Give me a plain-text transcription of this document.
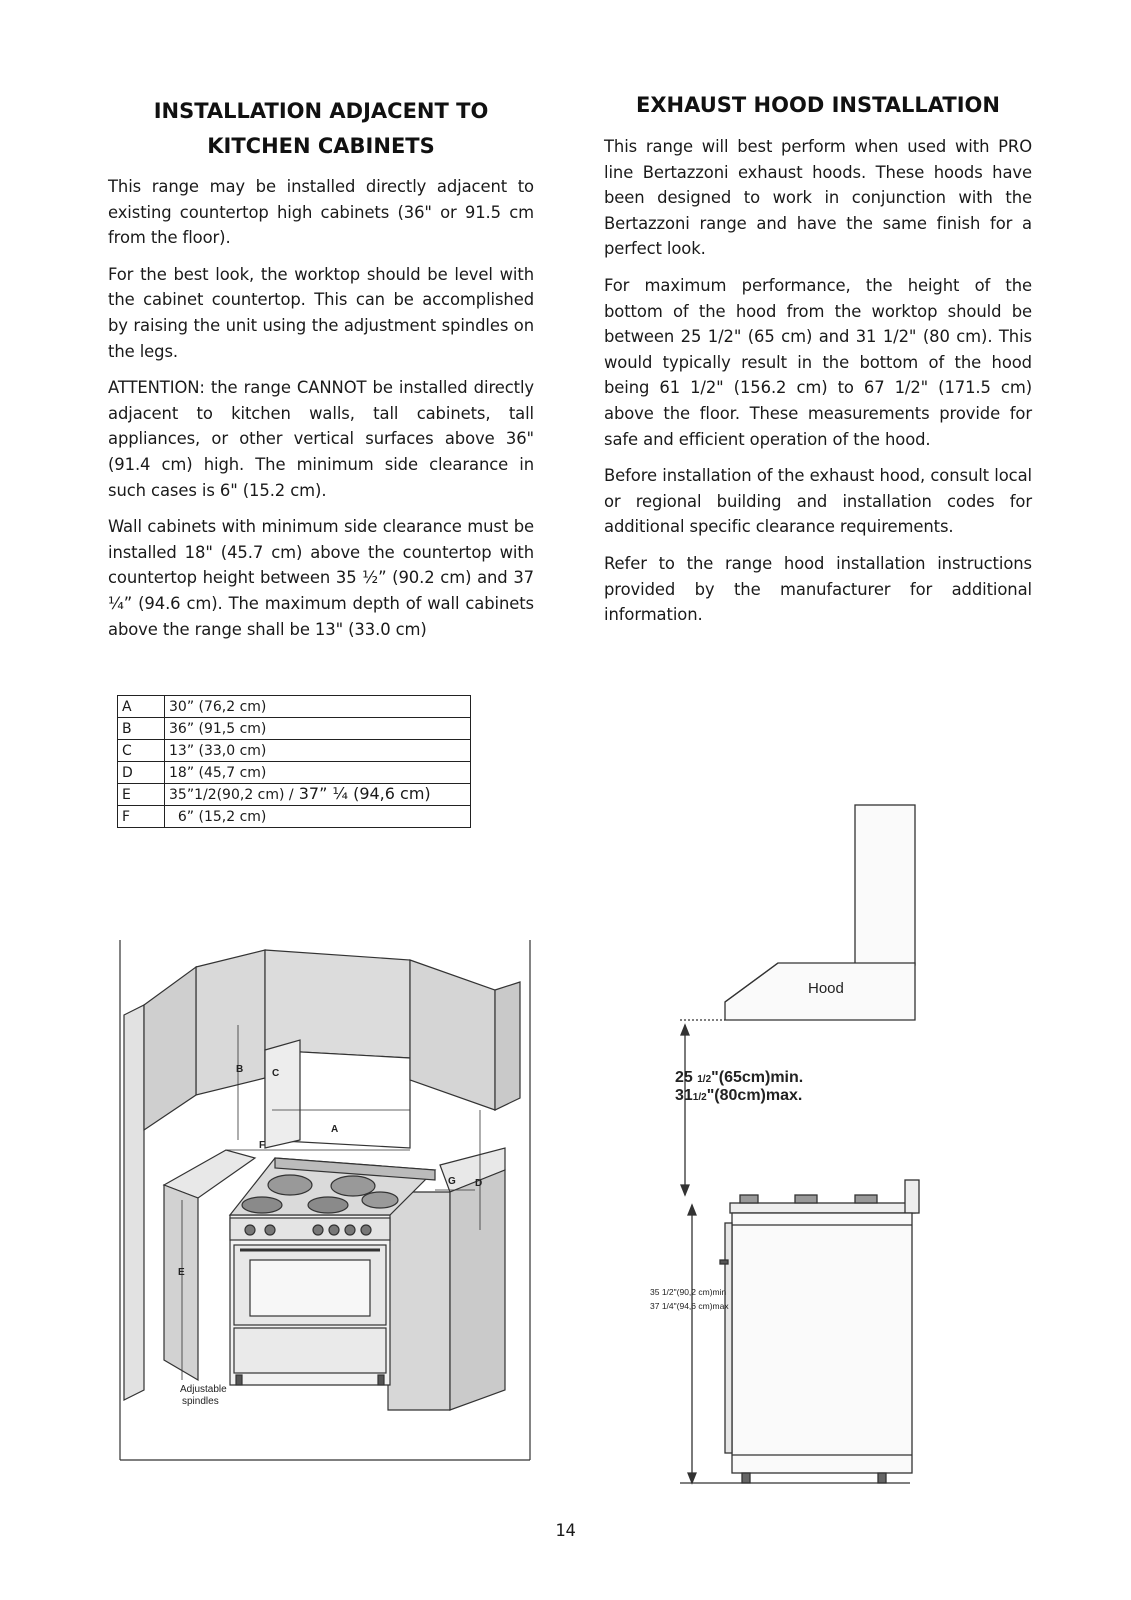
INSTALLATION ADJACENT TO KITCHEN CABINETS

This range may be installed directly adjacent to existing countertop high cabinets (36" or 91.5 cm from the floor).

For the best look, the worktop should be level with the cabinet countertop. This can be accomplished by raising the unit using the adjustment spindles on the legs.

ATTENTION: the range CANNOT be installed directly adjacent to kitchen walls, tall cabinets, tall appliances, or other vertical surfaces above 36" (91.4 cm) high. The minimum side clearance in such cases is 6" (15.2 cm).

Wall cabinets with minimum side clearance must be installed 18" (45.7 cm) above the countertop with countertop height between 35 ½” (90.2 cm) and 37 ¼” (94.6 cm). The maximum depth of wall cabinets above the range shall be 13" (33.0 cm)

EXHAUST HOOD INSTALLATION

This range will best perform when used with PRO line Bertazzoni exhaust hoods. These hoods have been designed to work in conjunction with the Bertazzoni range and have the same finish for a perfect look.

For maximum performance, the height of the bottom of the hood from the worktop should be between 25 1/2" (65 cm) and 31 1/2" (80 cm). This would typically result in the bottom of the hood being 61 1/2" (156.2 cm) to 67 1/2" (171.5 cm) above the floor. These measurements provide for safe and efficient operation of the hood.

Before installation of the exhaust hood, consult local or regional building and installation codes for additional specific clearance requirements.

Refer to the range hood installation instructions provided by the manufacturer for additional information.

A	30” (76,2 cm)
B	36” (91,5 cm)
C	13” (33,0 cm)
D	18” (45,7 cm)
E	35”1/2(90,2 cm) / 37” ¼ (94,6 cm)
F	6” (15,2 cm)
B	C
A
F
G D
E
Adjustable
spindles
Hood
25 1/2"(65cm)min.
311/2"(80cm)max.
35 1/2"(90,2 cm)min
37 1/4"(94,6 cm)max
14
